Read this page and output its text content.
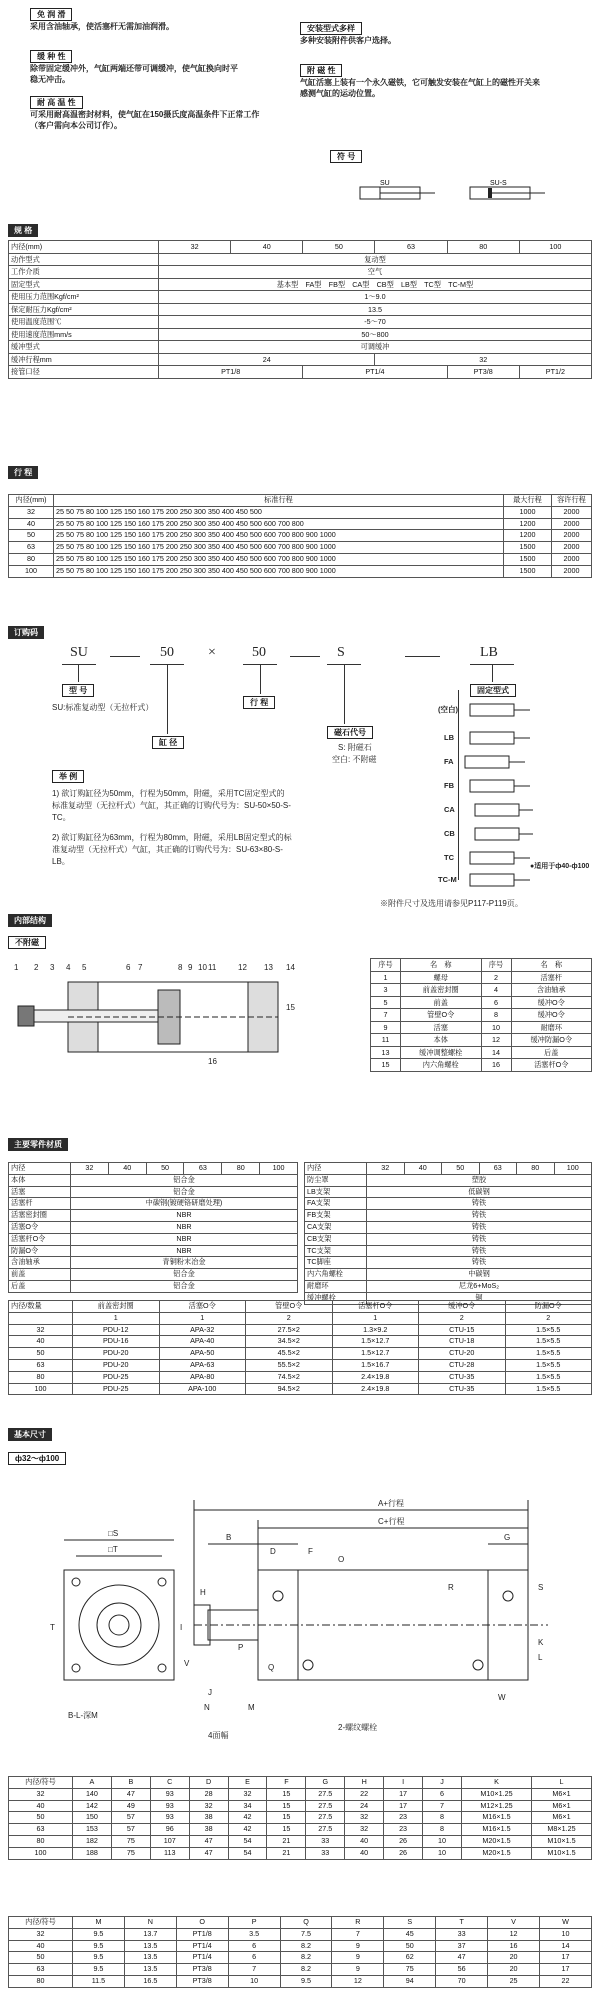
免 润 滑
采用含油轴承，使活塞杆无需加油润滑。
缓 种 性
除带固定缓冲外，气缸两端还带可调缓冲，使气缸换向时平稳无冲击。
耐 高 温 性
可采用耐高温密封材料，使气缸在150摄氏度高温条件下正常工作（客户需向本公司订作）。
安装型式多样
多种安装附件供客户选择。
附 磁 性
气缸活塞上装有一个永久磁铁，它可触发安装在气缸上的磁性开关来感测气缸的运动位置。
符 号
SU	SU-S
规 格
内径(mm)	32	40	50	63	80	100
动作型式	复动型					
工作介质	空气					
固定型式	基本型　FA型　FB型　CA型　CB型　LB型　TC型　TC-M型					
使用压力范围Kgf/cm²	1～9.0					
保定耐压力Kgf/cm²	13.5					
使用温度范围℃	-5～70					
使用速度范围mm/s	50～800					
缓冲型式	可调缓冲					
缓冲行程mm	24			32		
接管口径	PT1/8		PT1/4		PT3/8	PT1/2
行 程
内径(mm)	标准行程	最大行程	容许行程
32	25 50 75 80 100 125 150 160 175 200 250 300 350 400 450 500	1000	2000
40	25 50 75 80 100 125 150 160 175 200 250 300 350 400 450 500 600 700 800	1200	2000
50	25 50 75 80 100 125 150 160 175 200 250 300 350 400 450 500 600 700 800 900 1000	1200	2000
63	25 50 75 80 100 125 150 160 175 200 250 300 350 400 450 500 600 700 800 900 1000	1500	2000
80	25 50 75 80 100 125 150 160 175 200 250 300 350 400 450 500 600 700 800 900 1000	1500	2000
100	25 50 75 80 100 125 150 160 175 200 250 300 350 400 450 500 600 700 800 900 1000	1500	2000
订购码
SU	50 ×	50	S	LB
型 号
SU:标准复动型（无拉杆式）
缸 径
行 程
磁石代号
S: 附磁石
空白: 不附磁
固定型式
(空白)
LB
FA
FB
CA
CB
TC
TC-M
●适用于ф40-ф100
举 例
1) 欲订购缸径为50mm，行程为50mm，附磁，采用TC固定型式的标准复动型（无拉杆式）气缸，其正确的订购代号为：SU-50×50-S-TC。
2) 欲订购缸径为63mm，行程为80mm，附磁，采用LB固定型式的标准复动型（无拉杆式）气缸，其正确的订购代号为：SU-63×80-S-LB。
※附件尺寸及选用请参见P117-P119页。
内部结构
不附磁
1 2 3 4 5	6 7	8 9 10 11	12 13 14
15
16
序号	名　称	序号	名　称
1	螺母	2	活塞杆
3	前盖密封圈	4	含油轴承
5	前盖	6	缓冲O令
7	管壁O令	8	缓冲O令
9	活塞	10	耐磨环
11	本体	12	缓冲防漏O令
13	缓冲调整螺栓	14	后盖
15	内六角螺栓	16	活塞杆O令
主要零件材质
内径	32	40	50	63	80	100
本体	铝合金					
活塞	铝合金					
活塞杆	中碳钢(镀硬铬研磨处理)					
活塞密封圈	NBR					
活塞O令	NBR					
活塞杆O令	NBR					
防漏O令	NBR					
含油轴承	青铜粉末冶金					
前盖	铝合金					
后盖	铝合金					
内径	32	40	50	63	80	100
防尘罩	塑胶					
LB支架	低碳钢					
FA支架	铸铁					
FB支架	铸铁					
CA支架	铸铁					
CB支架	铸铁					
TC支架	铸铁					
TC脚座	铸铁					
内六角螺栓	中碳钢					
耐磨环	尼龙6+MoS₂					
缓冲螺栓	铜					
内径/数量	前盖密封圈	活塞O令	管壁O令	活塞杆O令	缓冲O令	防漏O令
	1	1	2	1	2	2
32	PDU-12	APA-32	27.5×2	1.3×9.2	CTU-15	1.5×5.5
40	PDU-16	APA-40	34.5×2	1.5×12.7	CTU-18	1.5×5.5
50	PDU-20	APA-50	45.5×2	1.5×12.7	CTU-20	1.5×5.5
63	PDU-20	APA-63	55.5×2	1.5×16.7	CTU-28	1.5×5.5
80	PDU-25	APA-80	74.5×2	2.4×19.8	CTU-35	1.5×5.5
100	PDU-25	APA-100	94.5×2	2.4×19.8	CTU-35	1.5×5.5
基本尺寸
ф32～ф100
A+行程
C+行程
B
D	F
G
H
I
J
K
L
M
N
O
P
Q
R	S
T
V
W
□S
□T
4面幅
2-螺纹螺栓
B-L-深M
内径/符号	A	B	C	D	E	F	G	H	I	J	K	L
32	140	47	93	28	32	15	27.5	22	17	6	M10×1.25	M6×1
40	142	49	93	32	34	15	27.5	24	17	7	M12×1.25	M6×1
50	150	57	93	38	42	15	27.5	32	23	8	M16×1.5	M6×1
63	153	57	96	38	42	15	27.5	32	23	8	M16×1.5	M8×1.25
80	182	75	107	47	54	21	33	40	26	10	M20×1.5	M10×1.5
100	188	75	113	47	54	21	33	40	26	10	M20×1.5	M10×1.5
内径/符号	M	N	O	P	Q	R	S	T	V	W
32	9.5	13.7	PT1/8	3.5	7.5	7	45	33	12	10
40	9.5	13.5	PT1/4	6	8.2	9	50	37	16	14
50	9.5	13.5	PT1/4	6	8.2	9	62	47	20	17
63	9.5	13.5	PT3/8	7	8.2	9	75	56	20	17
80	11.5	16.5	PT3/8	10	9.5	12	94	70	25	22
